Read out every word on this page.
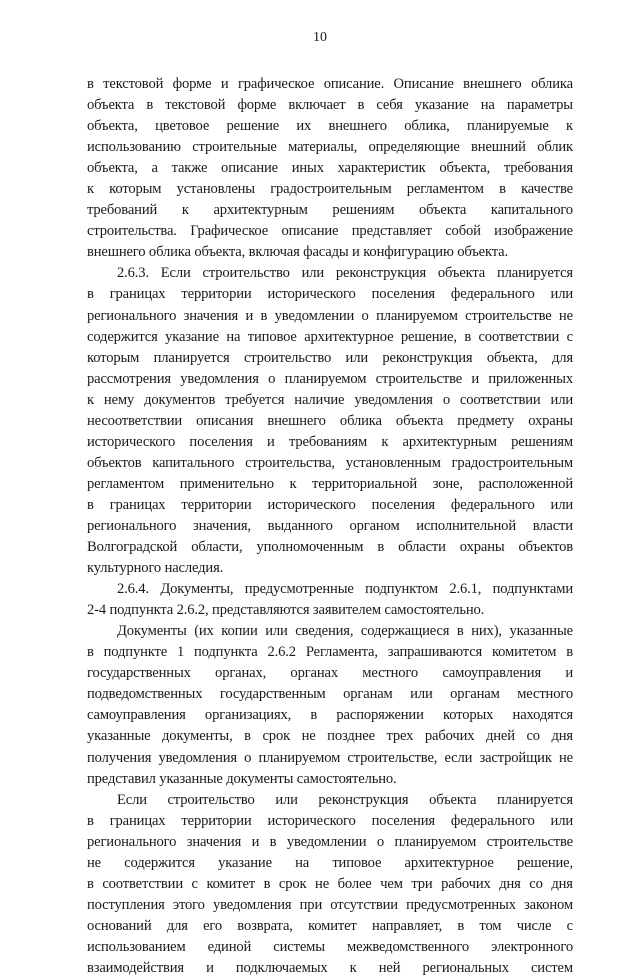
10
в текстовой форме и графическое описание. Описание внешнего облика
объекта в текстовой форме включает в себя указание на параметры
объекта, цветовое решение их внешнего облика, планируемые к
использованию строительные материалы, определяющие внешний облик
объекта, а также описание иных характеристик объекта, требования
к которым установлены градостроительным регламентом в качестве
требований к архитектурным решениям объекта капитального
строительства. Графическое описание представляет собой изображение
внешнего облика объекта, включая фасады и конфигурацию объекта.
2.6.3. Если строительство или реконструкция объекта планируется
в границах территории исторического поселения федерального или
регионального значения и в уведомлении о планируемом строительстве не
содержится указание на типовое архитектурное решение, в соответствии с
которым планируется строительство или реконструкция объекта, для
рассмотрения уведомления о планируемом строительстве и приложенных
к нему документов требуется наличие уведомления о соответствии или
несоответствии описания внешнего облика объекта предмету охраны
исторического поселения и требованиям к архитектурным решениям
объектов капитального строительства, установленным градостроительным
регламентом применительно к территориальной зоне, расположенной
в границах территории исторического поселения федерального или
регионального значения, выданного органом исполнительной власти
Волгоградской области, уполномоченным в области охраны объектов
культурного наследия.
2.6.4. Документы, предусмотренные подпунктом 2.6.1, подпунктами
2-4 подпункта 2.6.2, представляются заявителем самостоятельно.
Документы (их копии или сведения, содержащиеся в них), указанные
в подпункте 1 подпункта 2.6.2 Регламента, запрашиваются комитетом в
государственных органах, органах местного самоуправления и
подведомственных государственным органам или органам местного
самоуправления организациях, в распоряжении которых находятся
указанные документы, в срок не позднее трех рабочих дней со дня
получения уведомления о планируемом строительстве, если застройщик не
представил указанные документы самостоятельно.
Если строительство или реконструкция объекта планируется
в границах территории исторического поселения федерального или
регионального значения и в уведомлении о планируемом строительстве
не содержится указание на типовое архитектурное решение,
в соответствии с комитет в срок не более чем три рабочих дня со дня
поступления этого уведомления при отсутствии предусмотренных законом
оснований для его возврата, комитет направляет, в том числе с
использованием единой системы межведомственного электронного
взаимодействия и подключаемых к ней региональных систем
